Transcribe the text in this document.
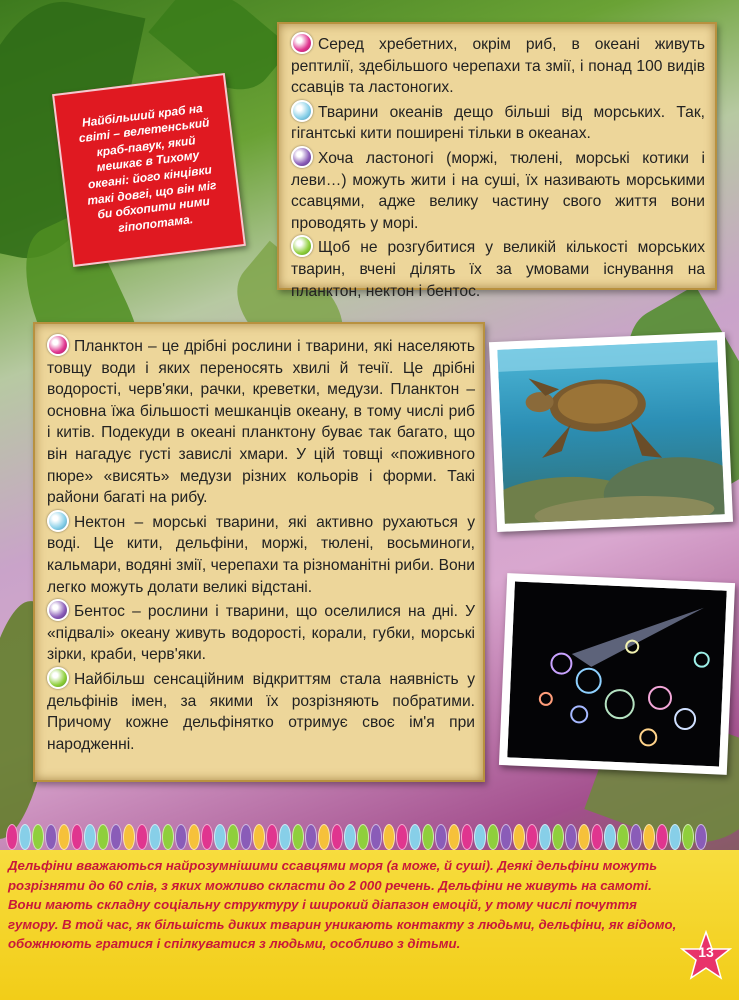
Серед хребетних, окрім риб, в океані живуть рептилії, здебільшого черепахи та змії, і понад 100 видів ссавців та ластоногих.

Тварини океанів дещо більші від морських. Так, гігантські кити поширені тільки в океанах.

Хоча ластоногі (моржі, тюлені, морські котики і леви…) можуть жити і на суші, їх називають морськими ссавцями, адже велику частину свого життя вони проводять у морі.

Щоб не розгубитися у великій кількості морських тварин, вчені ділять їх за умовами існування на планктон, нектон і бентос.

Найбільший краб на світі – велетенський краб-павук, який мешкає в Тихому океані: його кінцівки такі довгі, що він міг би обхопити ними гіпопотама.

Планктон – це дрібні рослини і тварини, які населяють товщу води і яких переносять хвилі й течії. Це дрібні водорості, черв'яки, рачки, креветки, медузи. Планктон – основна їжа більшості мешканців океану, в тому числі риб і китів. Подекуди в океані планктону буває так багато, що він нагадує густі завислі хмари. У цій товщі «поживного пюре» «висять» медузи різних кольорів і форми. Такі райони багаті на рибу.

Нектон – морські тварини, які активно рухаються у воді. Це кити, дельфіни, моржі, тюлені, восьминоги, кальмари, водяні змії, черепахи та різноманітні риби. Вони легко можуть долати великі відстані.

Бентос – рослини і тварини, що оселилися на дні. У «підвалі» океану живуть водорості, корали, губки, морські зірки, краби, черв'яки.

Найбільш сенсаційним відкриттям стала наявність у дельфінів імен, за якими їх розрізняють побратими. Причому кожне дельфінятко отримує своє ім'я при народженні.

Дельфіни вважаються найрозумнішими ссавцями моря (а може, й суші). Деякі дельфіни можуть розрізняти до 60 слів, з яких можливо скласти до 2 000 речень. Дельфіни не живуть на самоті. Вони мають складну соціальну структуру і широкий діапазон емоцій, у тому числі почуття гумору. В той час, як більшість диких тварин уникають контакту з людьми, дельфіни, як відомо, обожнюють гратися і спілкуватися з людьми, особливо з дітьми.

13
